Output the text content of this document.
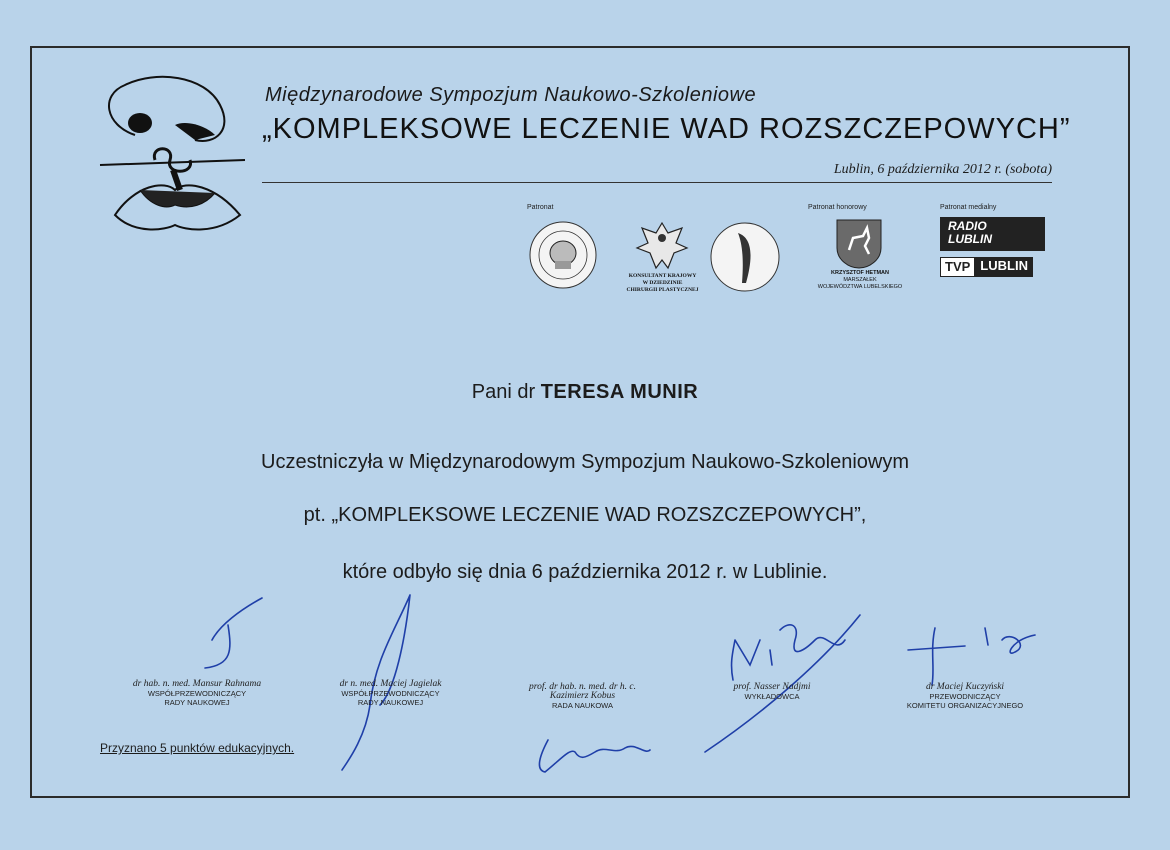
Międzynarodowe Sympozjum Naukowo-Szkoleniowe
„KOMPLEKSOWE LECZENIE WAD ROZSZCZEPOWYCH”
Lublin, 6 października 2012 r. (sobota)
Patronat
KONSULTANT KRAJOWY
W DZIEDZINIE
CHIRURGII PLASTYCZNEJ
Patronat honorowy
KRZYSZTOF HETMAN
MARSZAŁEK
WOJEWÓDZTWA LUBELSKIEGO
Patronat medialny
RADIO
LUBLIN
TVP LUBLIN
Pani dr TERESA MUNIR
Uczestniczyła w Międzynarodowym Sympozjum Naukowo-Szkoleniowym
pt. „KOMPLEKSOWE LECZENIE WAD ROZSZCZEPOWYCH”,
które odbyło się dnia 6 października 2012 r. w Lublinie.
dr hab. n. med. Mansur Rahnama
WSPÓŁPRZEWODNICZĄCY
RADY NAUKOWEJ
dr n. med. Maciej Jagielak
WSPÓŁPRZEWODNICZĄCY
RADY NAUKOWEJ
prof. dr hab. n. med. dr h. c.
Kazimierz Kobus
RADA NAUKOWA
prof. Nasser Nadjmi
WYKŁADOWCA
dr Maciej Kuczyński
PRZEWODNICZĄCY
KOMITETU ORGANIZACYJNEGO
Przyznano 5 punktów edukacyjnych.
